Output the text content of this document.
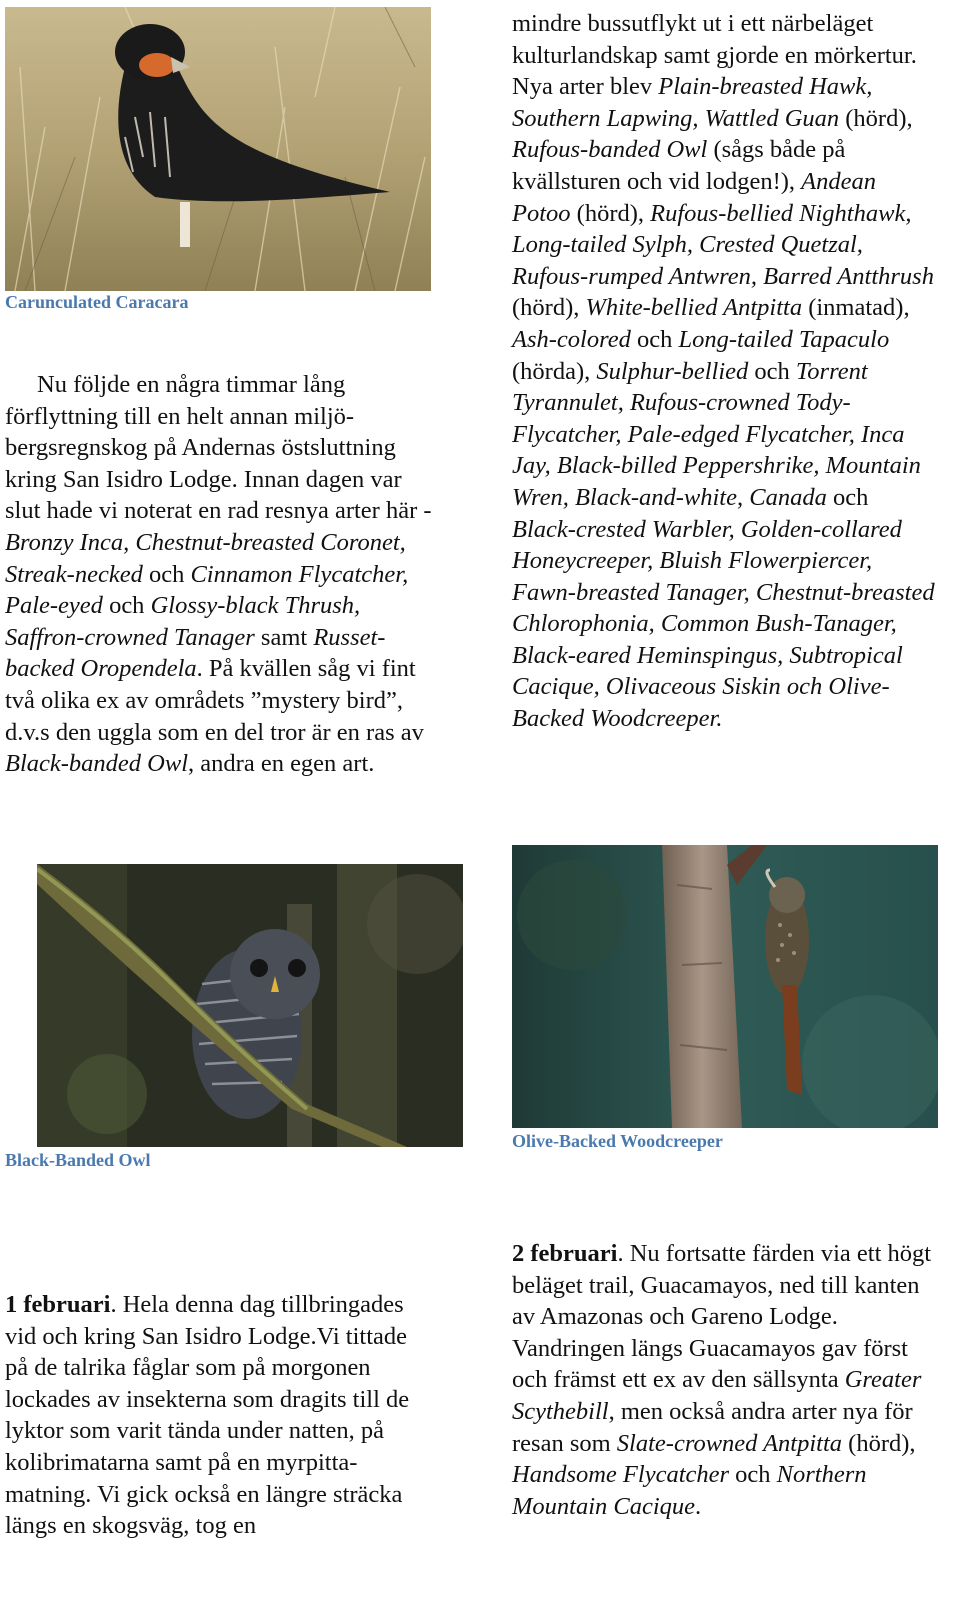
Carunculated Caracara

Nu följde en några timmar lång förflyttning till en helt annan miljö- bergsregnskog på Andernas östsluttning kring San Isidro Lodge. Innan dagen var slut hade vi noterat en rad resnya arter här - Bronzy Inca, Chestnut-breasted Coronet, Streak-necked och Cinnamon Flycatcher, Pale-eyed och Glossy-black Thrush, Saffron-crowned Tanager samt Russet-backed Oropendela. På kvällen såg vi fint två olika ex av områdets ”mystery bird”, d.v.s den uggla som en del tror är en ras av Black-banded Owl, andra en egen art.

mindre bussutflykt ut i ett närbeläget kulturlandskap samt gjorde en mörkertur. Nya arter blev Plain-breasted Hawk, Southern Lapwing, Wattled Guan (hörd), Rufous-banded Owl (sågs både på kvällsturen och vid lodgen!), Andean Potoo (hörd), Rufous-bellied Nighthawk, Long-tailed Sylph, Crested Quetzal, Rufous-rumped Antwren, Barred Antthrush (hörd), White-bellied Antpitta (inmatad), Ash-colored och Long-tailed Tapaculo (hörda), Sulphur-bellied och Torrent Tyrannulet, Rufous-crowned Tody-Flycatcher, Pale-edged Flycatcher, Inca Jay, Black-billed Peppershrike, Mountain Wren, Black-and-white, Canada och Black-crested Warbler, Golden-collared Honeycreeper, Bluish Flowerpiercer, Fawn-breasted Tanager, Chestnut-breasted Chlorophonia, Common Bush-Tanager, Black-eared Heminspingus, Subtropical Cacique, Olivaceous Siskin och Olive-Backed Woodcreeper.

Black-Banded Owl
Olive-Backed Woodcreeper

1 februari. Hela denna dag tillbringades vid och kring San Isidro Lodge.Vi tittade på de talrika fåglar som på morgonen lockades av insekterna som dragits till de lyktor som varit tända under natten, på kolibrimatarna samt på en myrpitta-matning. Vi gick också en längre sträcka längs en skogsväg, tog en

2 februari. Nu fortsatte färden via ett högt beläget trail, Guacamayos, ned till kanten av Amazonas och Gareno Lodge. Vandringen längs Guacamayos gav först och främst ett ex av den sällsynta Greater Scythebill, men också andra arter nya för resan som Slate-crowned Antpitta (hörd), Handsome Flycatcher och Northern Mountain Cacique.
